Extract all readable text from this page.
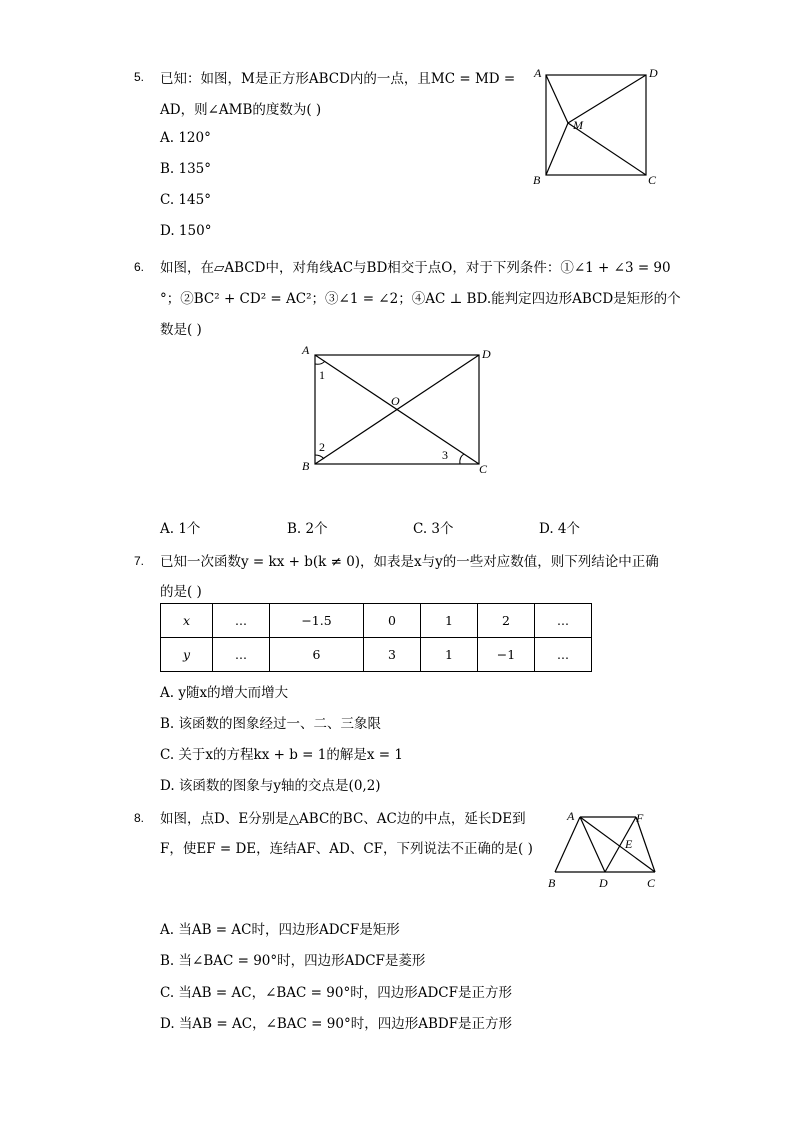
5. 已知：如图，M是正方形ABCD内的一点，且MC = MD =
AD，则∠AMB的度数为( )
A. 120°
B. 135°
C. 145°
D. 150°
A	D
M
B	C
6. 如图，在▱ABCD中，对角线AC与BD相交于点O，对于下列条件：①∠1 + ∠3 = 90
°；②BC² + CD² = AC²；③∠1 = ∠2；④AC ⊥ BD.能判定四边形ABCD是矩形的个
数是( )
A	D
O
B	C
1
2
3
A. 1个	B. 2个	C. 3个	D. 4个
7. 已知一次函数y = kx + b(k ≠ 0)，如表是x与y的一些对应数值，则下列结论中正确
的是( )
x	...	−1.5	0	1	2	...
y	...	6	3	1	−1	...
A. y随x的增大而增大
B. 该函数的图象经过一、二、三象限
C. 关于x的方程kx + b = 1的解是x = 1
D. 该函数的图象与y轴的交点是(0,2)
8. 如图，点D、E分别是△ABC的BC、AC边的中点，延长DE到
F，使EF = DE，连结AF、AD、CF，下列说法不正确的是( )
A	F
E
B	D	C
A. 当AB = AC时，四边形ADCF是矩形
B. 当∠BAC = 90°时，四边形ADCF是菱形
C. 当AB = AC，∠BAC = 90°时，四边形ADCF是正方形
D. 当AB = AC，∠BAC = 90°时，四边形ABDF是正方形
